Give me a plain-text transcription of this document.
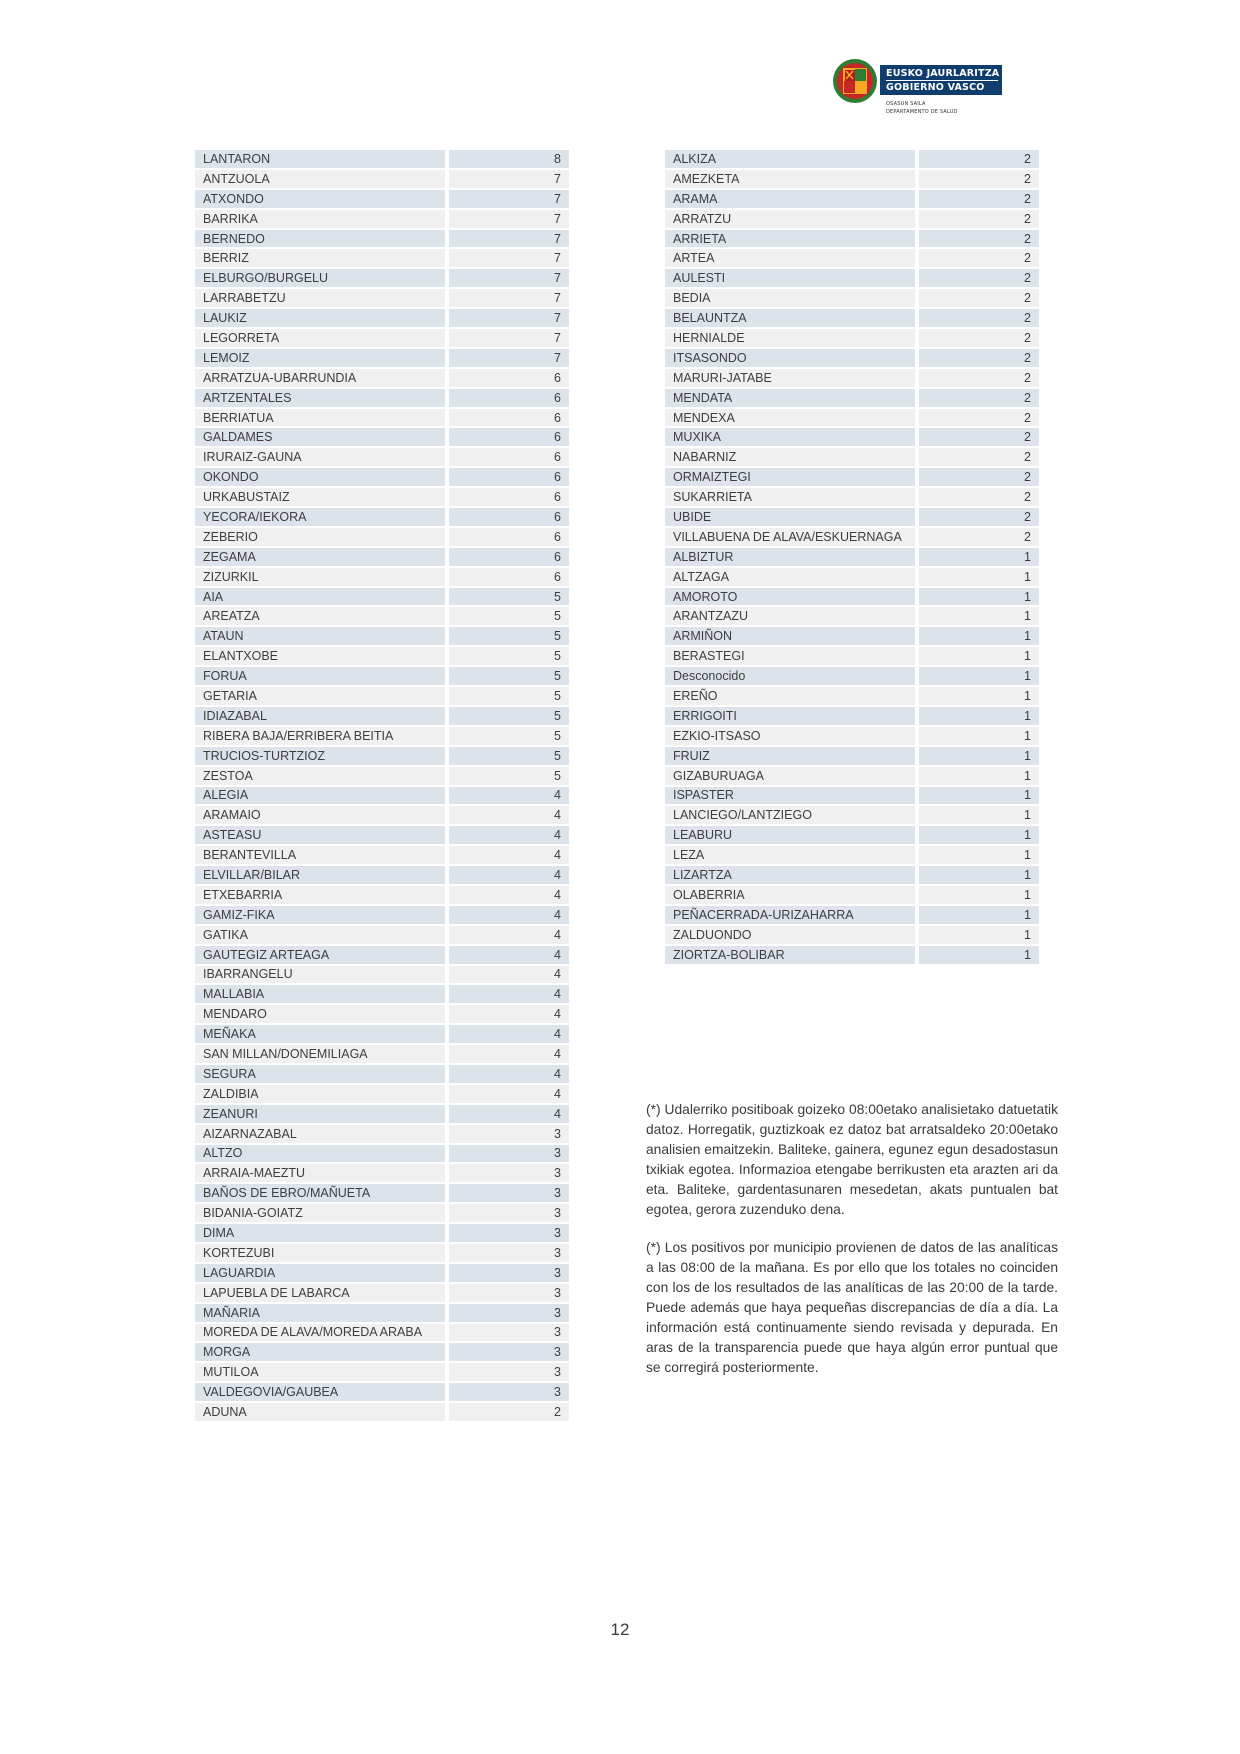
EUSKO JAURLARITZA
GOBIERNO VASCO
OSASUN SAILA
DEPARTAMENTO DE SALUD
LANTARON	8
ANTZUOLA	7
ATXONDO	7
BARRIKA	7
BERNEDO	7
BERRIZ	7
ELBURGO/BURGELU	7
LARRABETZU	7
LAUKIZ	7
LEGORRETA	7
LEMOIZ	7
ARRATZUA-UBARRUNDIA	6
ARTZENTALES	6
BERRIATUA	6
GALDAMES	6
IRURAIZ-GAUNA	6
OKONDO	6
URKABUSTAIZ	6
YECORA/IEKORA	6
ZEBERIO	6
ZEGAMA	6
ZIZURKIL	6
AIA	5
AREATZA	5
ATAUN	5
ELANTXOBE	5
FORUA	5
GETARIA	5
IDIAZABAL	5
RIBERA BAJA/ERRIBERA BEITIA	5
TRUCIOS-TURTZIOZ	5
ZESTOA	5
ALEGIA	4
ARAMAIO	4
ASTEASU	4
BERANTEVILLA	4
ELVILLAR/BILAR	4
ETXEBARRIA	4
GAMIZ-FIKA	4
GATIKA	4
GAUTEGIZ ARTEAGA	4
IBARRANGELU	4
MALLABIA	4
MENDARO	4
MEÑAKA	4
SAN MILLAN/DONEMILIAGA	4
SEGURA	4
ZALDIBIA	4
ZEANURI	4
AIZARNAZABAL	3
ALTZO	3
ARRAIA-MAEZTU	3
BAÑOS DE EBRO/MAÑUETA	3
BIDANIA-GOIATZ	3
DIMA	3
KORTEZUBI	3
LAGUARDIA	3
LAPUEBLA DE LABARCA	3
MAÑARIA	3
MOREDA DE ALAVA/MOREDA ARABA	3
MORGA	3
MUTILOA	3
VALDEGOVIA/GAUBEA	3
ADUNA	2
ALKIZA	2
AMEZKETA	2
ARAMA	2
ARRATZU	2
ARRIETA	2
ARTEA	2
AULESTI	2
BEDIA	2
BELAUNTZA	2
HERNIALDE	2
ITSASONDO	2
MARURI-JATABE	2
MENDATA	2
MENDEXA	2
MUXIKA	2
NABARNIZ	2
ORMAIZTEGI	2
SUKARRIETA	2
UBIDE	2
VILLABUENA DE ALAVA/ESKUERNAGA	2
ALBIZTUR	1
ALTZAGA	1
AMOROTO	1
ARANTZAZU	1
ARMIÑON	1
BERASTEGI	1
Desconocido	1
EREÑO	1
ERRIGOITI	1
EZKIO-ITSASO	1
FRUIZ	1
GIZABURUAGA	1
ISPASTER	1
LANCIEGO/LANTZIEGO	1
LEABURU	1
LEZA	1
LIZARTZA	1
OLABERRIA	1
PEÑACERRADA-URIZAHARRA	1
ZALDUONDO	1
ZIORTZA-BOLIBAR	1

(*) Udalerriko positiboak goizeko 08:00etako analisietako datuetatik datoz. Horregatik, guztizkoak ez datoz bat arratsaldeko 20:00etako analisien emaitzekin. Baliteke, gainera, egunez egun desadostasun txikiak egotea. Informazioa etengabe berrikusten eta arazten ari da eta. Baliteke, gardentasunaren mesedetan, akats puntualen bat egotea, gerora zuzenduko dena.

(*) Los positivos por municipio provienen de datos de las analíticas a las 08:00 de la mañana. Es por ello que los totales no coinciden con los de los resultados de las analíticas de las 20:00 de la tarde. Puede además que haya pequeñas discrepancias de día a día. La información está continuamente siendo revisada y depurada. En aras de la transparencia puede que haya algún error puntual que se corregirá posteriormente.

12
